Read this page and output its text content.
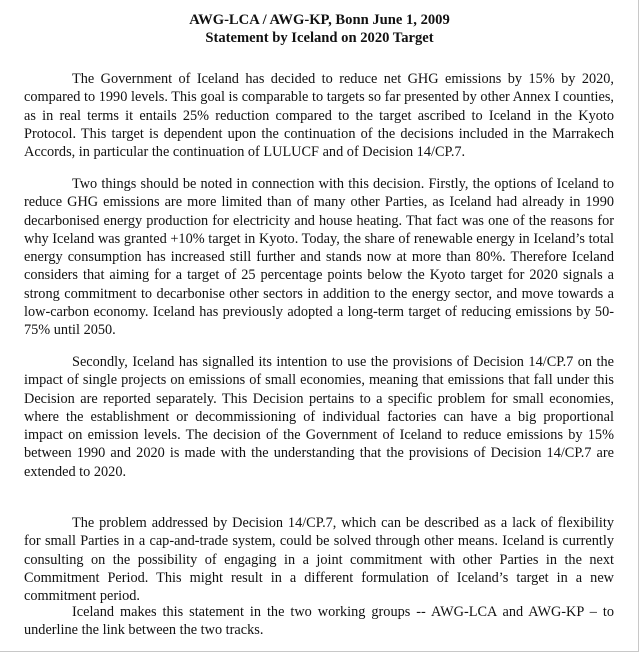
AWG-LCA / AWG-KP, Bonn June 1, 2009
Statement by Iceland on 2020 Target

The Government of Iceland has decided to reduce net GHG emissions by 15% by 2020, compared to 1990 levels. This goal is comparable to targets so far presented by other Annex I counties, as in real terms it entails 25% reduction compared to the target ascribed to Iceland in the Kyoto Protocol. This target is dependent upon the continuation of the decisions included in the Marrakech Accords, in particular the continuation of LULUCF and of Decision 14/CP.7.

Two things should be noted in connection with this decision. Firstly, the options of Iceland to reduce GHG emissions are more limited than of many other Parties, as Iceland had already in 1990 decarbonised energy production for electricity and house heating. That fact was one of the reasons for why Iceland was granted +10% target in Kyoto. Today, the share of renewable energy in Iceland’s total energy consumption has increased still further and stands now at more than 80%. Therefore Iceland considers that aiming for a target of 25 percentage points below the Kyoto target for 2020 signals a strong commitment to decarbonise other sectors in addition to the energy sector, and move towards a low-carbon economy. Iceland has previously adopted a long-term target of reducing emissions by 50-75% until 2050.

Secondly, Iceland has signalled its intention to use the provisions of Decision 14/CP.7 on the impact of single projects on emissions of small economies, meaning that emissions that fall under this Decision are reported separately. This Decision pertains to a specific problem for small economies, where the establishment or decommissioning of individual factories can have a big proportional impact on emission levels. The decision of the Government of Iceland to reduce emissions by 15% between 1990 and 2020 is made with the understanding that the provisions of Decision 14/CP.7 are extended to 2020.

The problem addressed by Decision 14/CP.7, which can be described as a lack of flexibility for small Parties in a cap-and-trade system, could be solved through other means. Iceland is currently consulting on the possibility of engaging in a joint commitment with other Parties in the next Commitment Period. This might result in a different formulation of Iceland’s target in a new commitment period.

Iceland makes this statement in the two working groups -- AWG-LCA and AWG-KP – to underline the link between the two tracks.
